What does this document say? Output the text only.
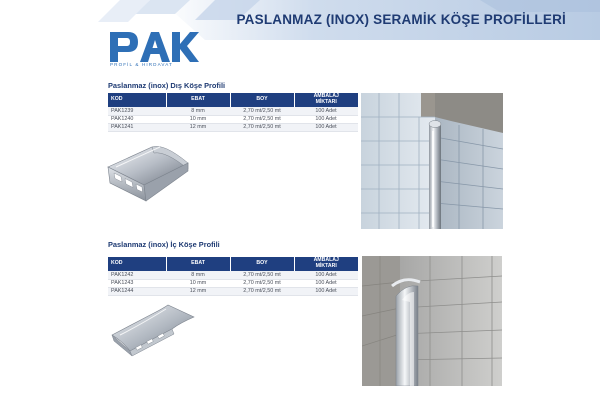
PASLANMAZ (INOX) SERAMİK KÖŞE PROFİLLERİ
PROFİL & HIRDAVAT
Paslanmaz (inox) Dış Köşe Profili
KOD	EBAT	BOY	AMBALAJ
MİKTARI
PAK1239	8 mm	2,70 mt/2,50 mt	100 Adet
PAK1240	10 mm	2,70 mt/2,50 mt	100 Adet
PAK1241	12 mm	2,70 mt/2,50 mt	100 Adet
Paslanmaz (inox) İç Köşe Profili
KOD	EBAT	BOY	AMBALAJ
MİKTARI
PAK1242	8 mm	2,70 mt/2,50 mt	100 Adet
PAK1243	10 mm	2,70 mt/2,50 mt	100 Adet
PAK1244	12 mm	2,70 mt/2,50 mt	100 Adet
